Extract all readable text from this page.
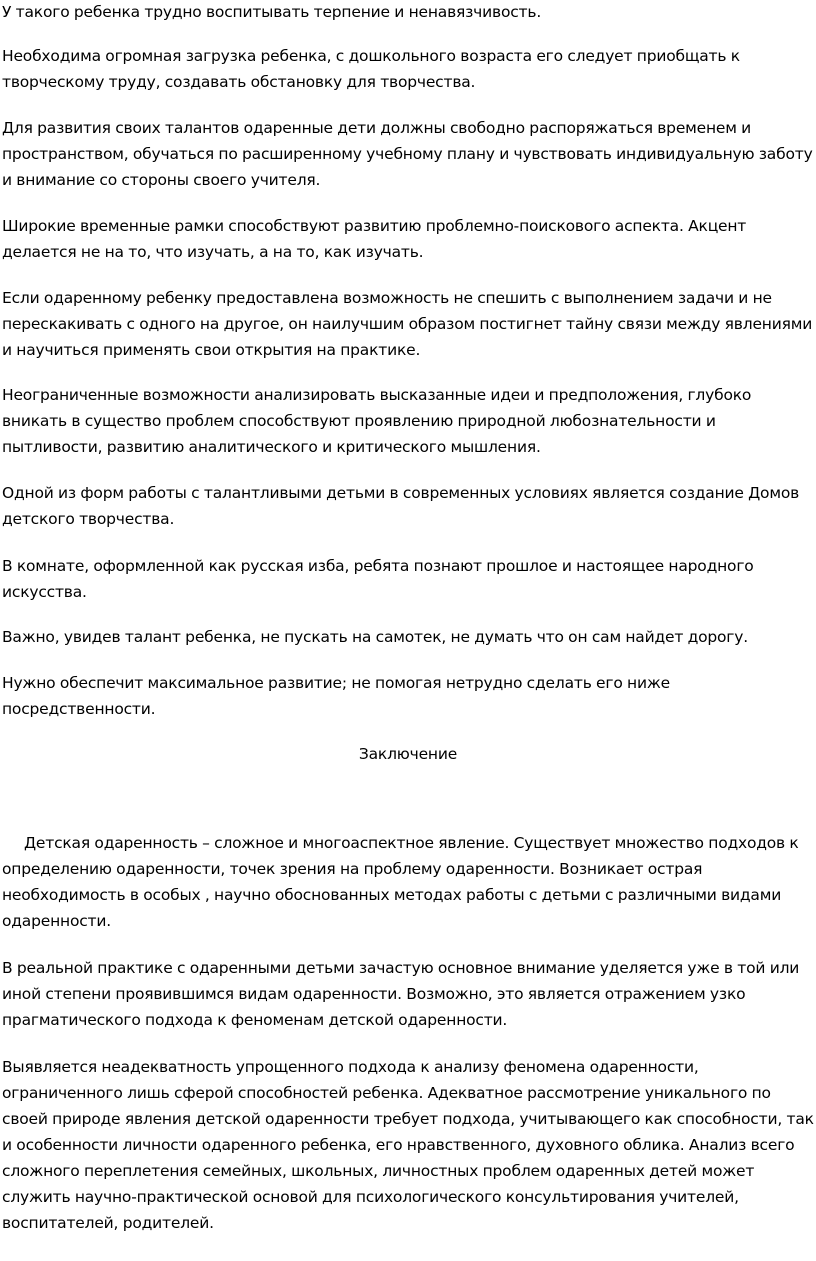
У такого ребенка трудно воспитывать терпение и ненавязчивость.

Необходима огромная загрузка ребенка, с дошкольного возраста его следует приобщать к творческому труду, создавать обстановку для творчества.

Для развития своих талантов одаренные дети должны свободно распоряжаться временем и пространством, обучаться по расширенному учебному плану и чувствовать индивидуальную заботу и внимание со стороны своего учителя.

Широкие временные рамки способствуют развитию проблемно-поискового аспекта. Акцент делается не на то, что изучать, а на то, как изучать.

Если одаренному ребенку предоставлена возможность не спешить с выполнением задачи и не перескакивать с одного на другое, он наилучшим образом постигнет тайну связи между явлениями и научиться применять свои открытия на практике.

Неограниченные возможности анализировать высказанные идеи и предположения, глубоко вникать в существо проблем способствуют проявлению природной любознательности и пытливости, развитию аналитического и критического мышления.

Одной из форм работы с талантливыми детьми в современных условиях является создание Домов детского творчества.

В комнате, оформленной как русская изба, ребята познают прошлое и настоящее народного искусства.

Важно, увидев талант ребенка, не пускать на самотек, не думать что он сам найдет дорогу.

Нужно обеспечит максимальное развитие; не помогая нетрудно сделать его ниже посредственности.

Заключение

Детская одаренность – сложное и многоаспектное явление. Существует множество подходов к определению одаренности, точек зрения на проблему одаренности. Возникает острая необходимость в особых , научно обоснованных методах работы с детьми с различными видами одаренности.

В реальной практике с одаренными детьми зачастую основное внимание уделяется уже в той или иной степени проявившимся видам одаренности. Возможно, это является отражением узко прагматического подхода к феноменам детской одаренности.

Выявляется неадекватность упрощенного подхода к анализу феномена одаренности, ограниченного лишь сферой способностей ребенка. Адекватное рассмотрение уникального по своей природе явления детской одаренности требует подхода, учитывающего как способности, так и особенности личности одаренного ребенка, его нравственного, духовного облика. Анализ всего сложного переплетения семейных, школьных, личностных проблем одаренных детей может служить научно-практической основой для психологического консультирования учителей, воспитателей, родителей.
